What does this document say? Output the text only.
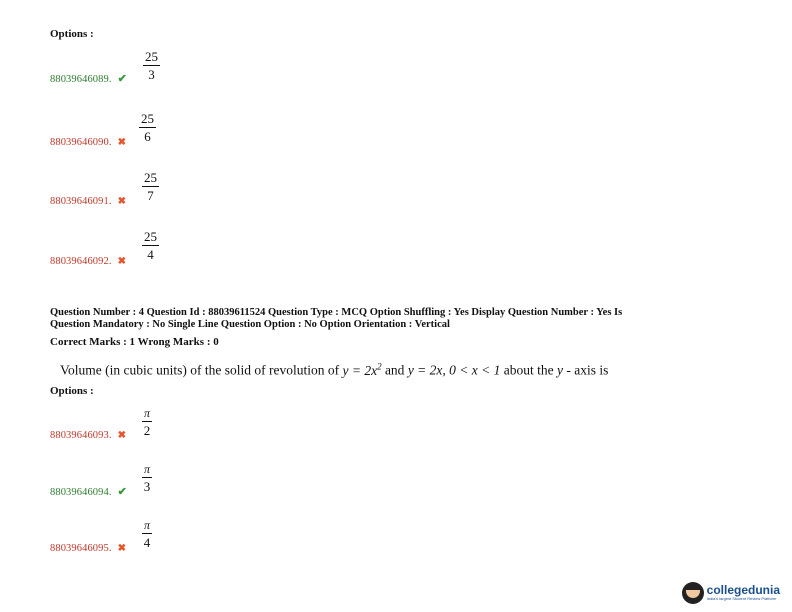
Options :
88039646089. ✔
25
3
88039646090. ✖
25
6
88039646091. ✖
25
7
88039646092. ✖
25
4
Question Number : 4 Question Id : 88039611524 Question Type : MCQ Option Shuffling : Yes Display Question Number : Yes Is
Question Mandatory : No Single Line Question Option : No Option Orientation : Vertical
Correct Marks : 1 Wrong Marks : 0
Volume (in cubic units) of the solid of revolution of $y = 2x^2$ and y = 2x, 0 < x < 1 about the y - axis is
Options :
88039646093. ✖
π
2
88039646094. ✔
π
3
88039646095. ✖
π
4
collegedunia
India's largest Student Review Platform
